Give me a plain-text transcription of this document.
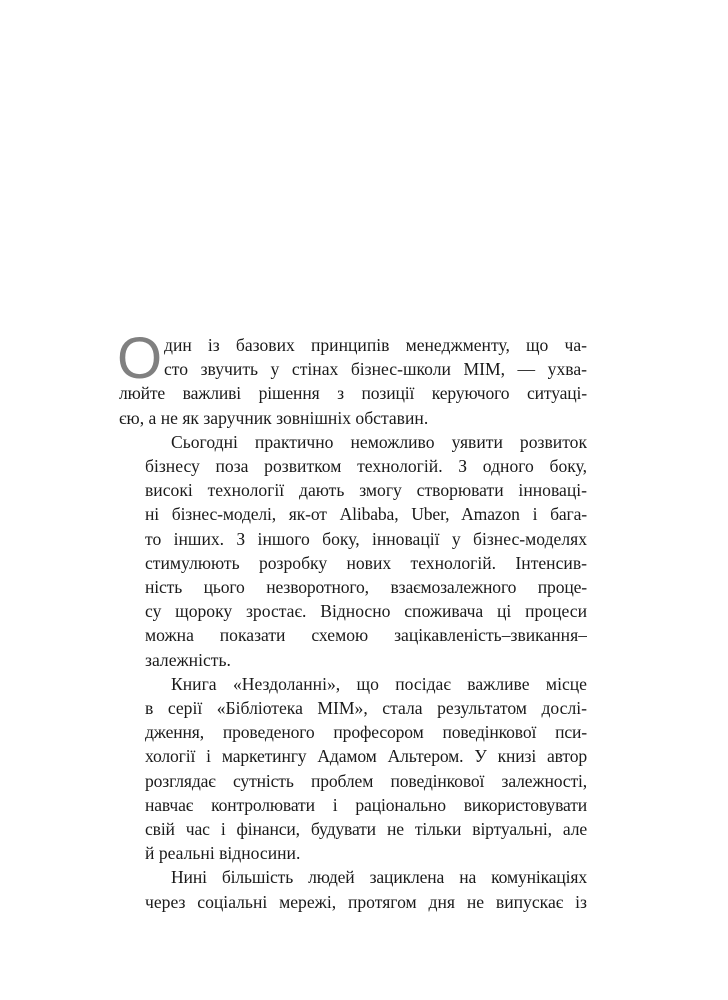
О дин із базових принципів менеджменту, що ча-
сто звучить у стінах бізнес-школи МІМ, — ухва-
люйте важливі рішення з позиції керуючого ситуаці-
єю, а не як заручник зовнішніх обставин.
Сьогодні практично неможливо уявити розвиток
бізнесу поза розвитком технологій. З одного боку,
високі технології дають змогу створювати інноваці-
ні бізнес-моделі, як-от Alibaba, Uber, Amazon і бага-
то інших. З іншого боку, інновації у бізнес-моделях
стимулюють розробку нових технологій. Інтенсив-
ність цього незворотного, взаємозалежного проце-
су щороку зростає. Відносно споживача ці процеси
можна показати схемою зацікавленість–звикання–
залежність.
Книга «Нездоланні», що посідає важливе місце
в серії «Бібліотека МІМ», стала результатом дослі-
дження, проведеного професором поведінкової пси-
хології і маркетингу Адамом Альтером. У книзі автор
розглядає сутність проблем поведінкової залежності,
навчає контролювати і раціонально використовувати
свій час і фінанси, будувати не тільки віртуальні, але
й реальні відносини.
Нині більшість людей зациклена на комунікаціях
через соціальні мережі, протягом дня не випускає із
